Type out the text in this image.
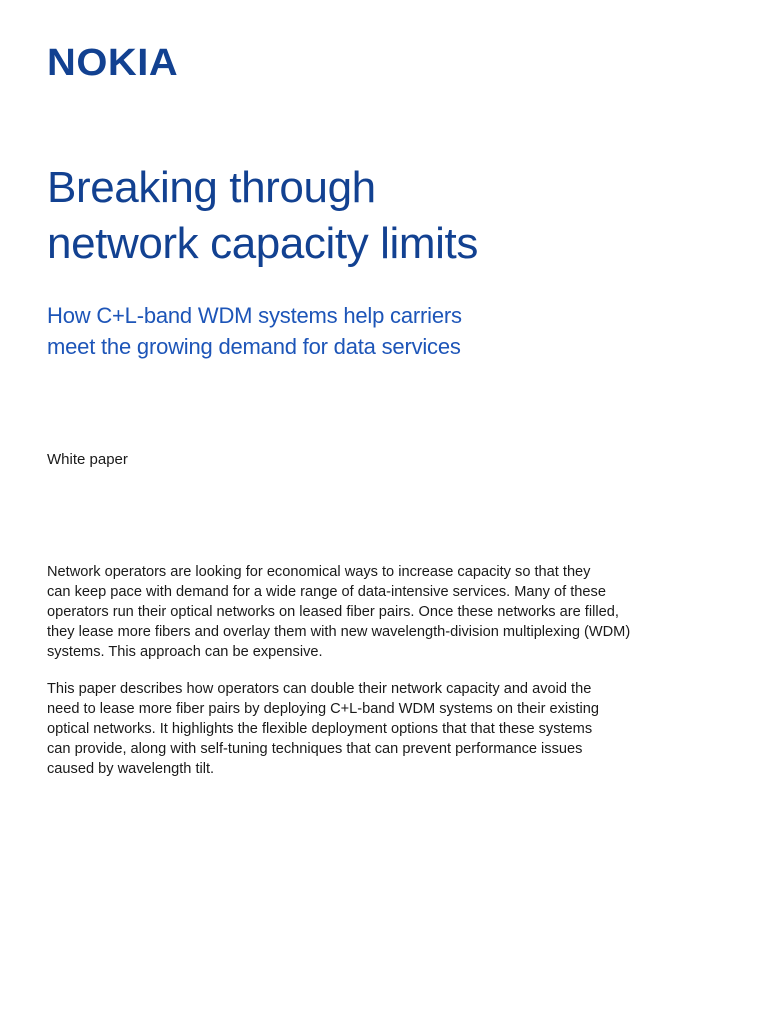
NOKIA
Breaking through
network capacity limits
How C+L-band WDM systems help carriers
meet the growing demand for data services
White paper

Network operators are looking for economical ways to increase capacity so that they
can keep pace with demand for a wide range of data-intensive services. Many of these
operators run their optical networks on leased fiber pairs. Once these networks are filled,
they lease more fibers and overlay them with new wavelength-division multiplexing (WDM)
systems. This approach can be expensive.

This paper describes how operators can double their network capacity and avoid the
need to lease more fiber pairs by deploying C+L-band WDM systems on their existing
optical networks. It highlights the flexible deployment options that that these systems
can provide, along with self-tuning techniques that can prevent performance issues
caused by wavelength tilt.
